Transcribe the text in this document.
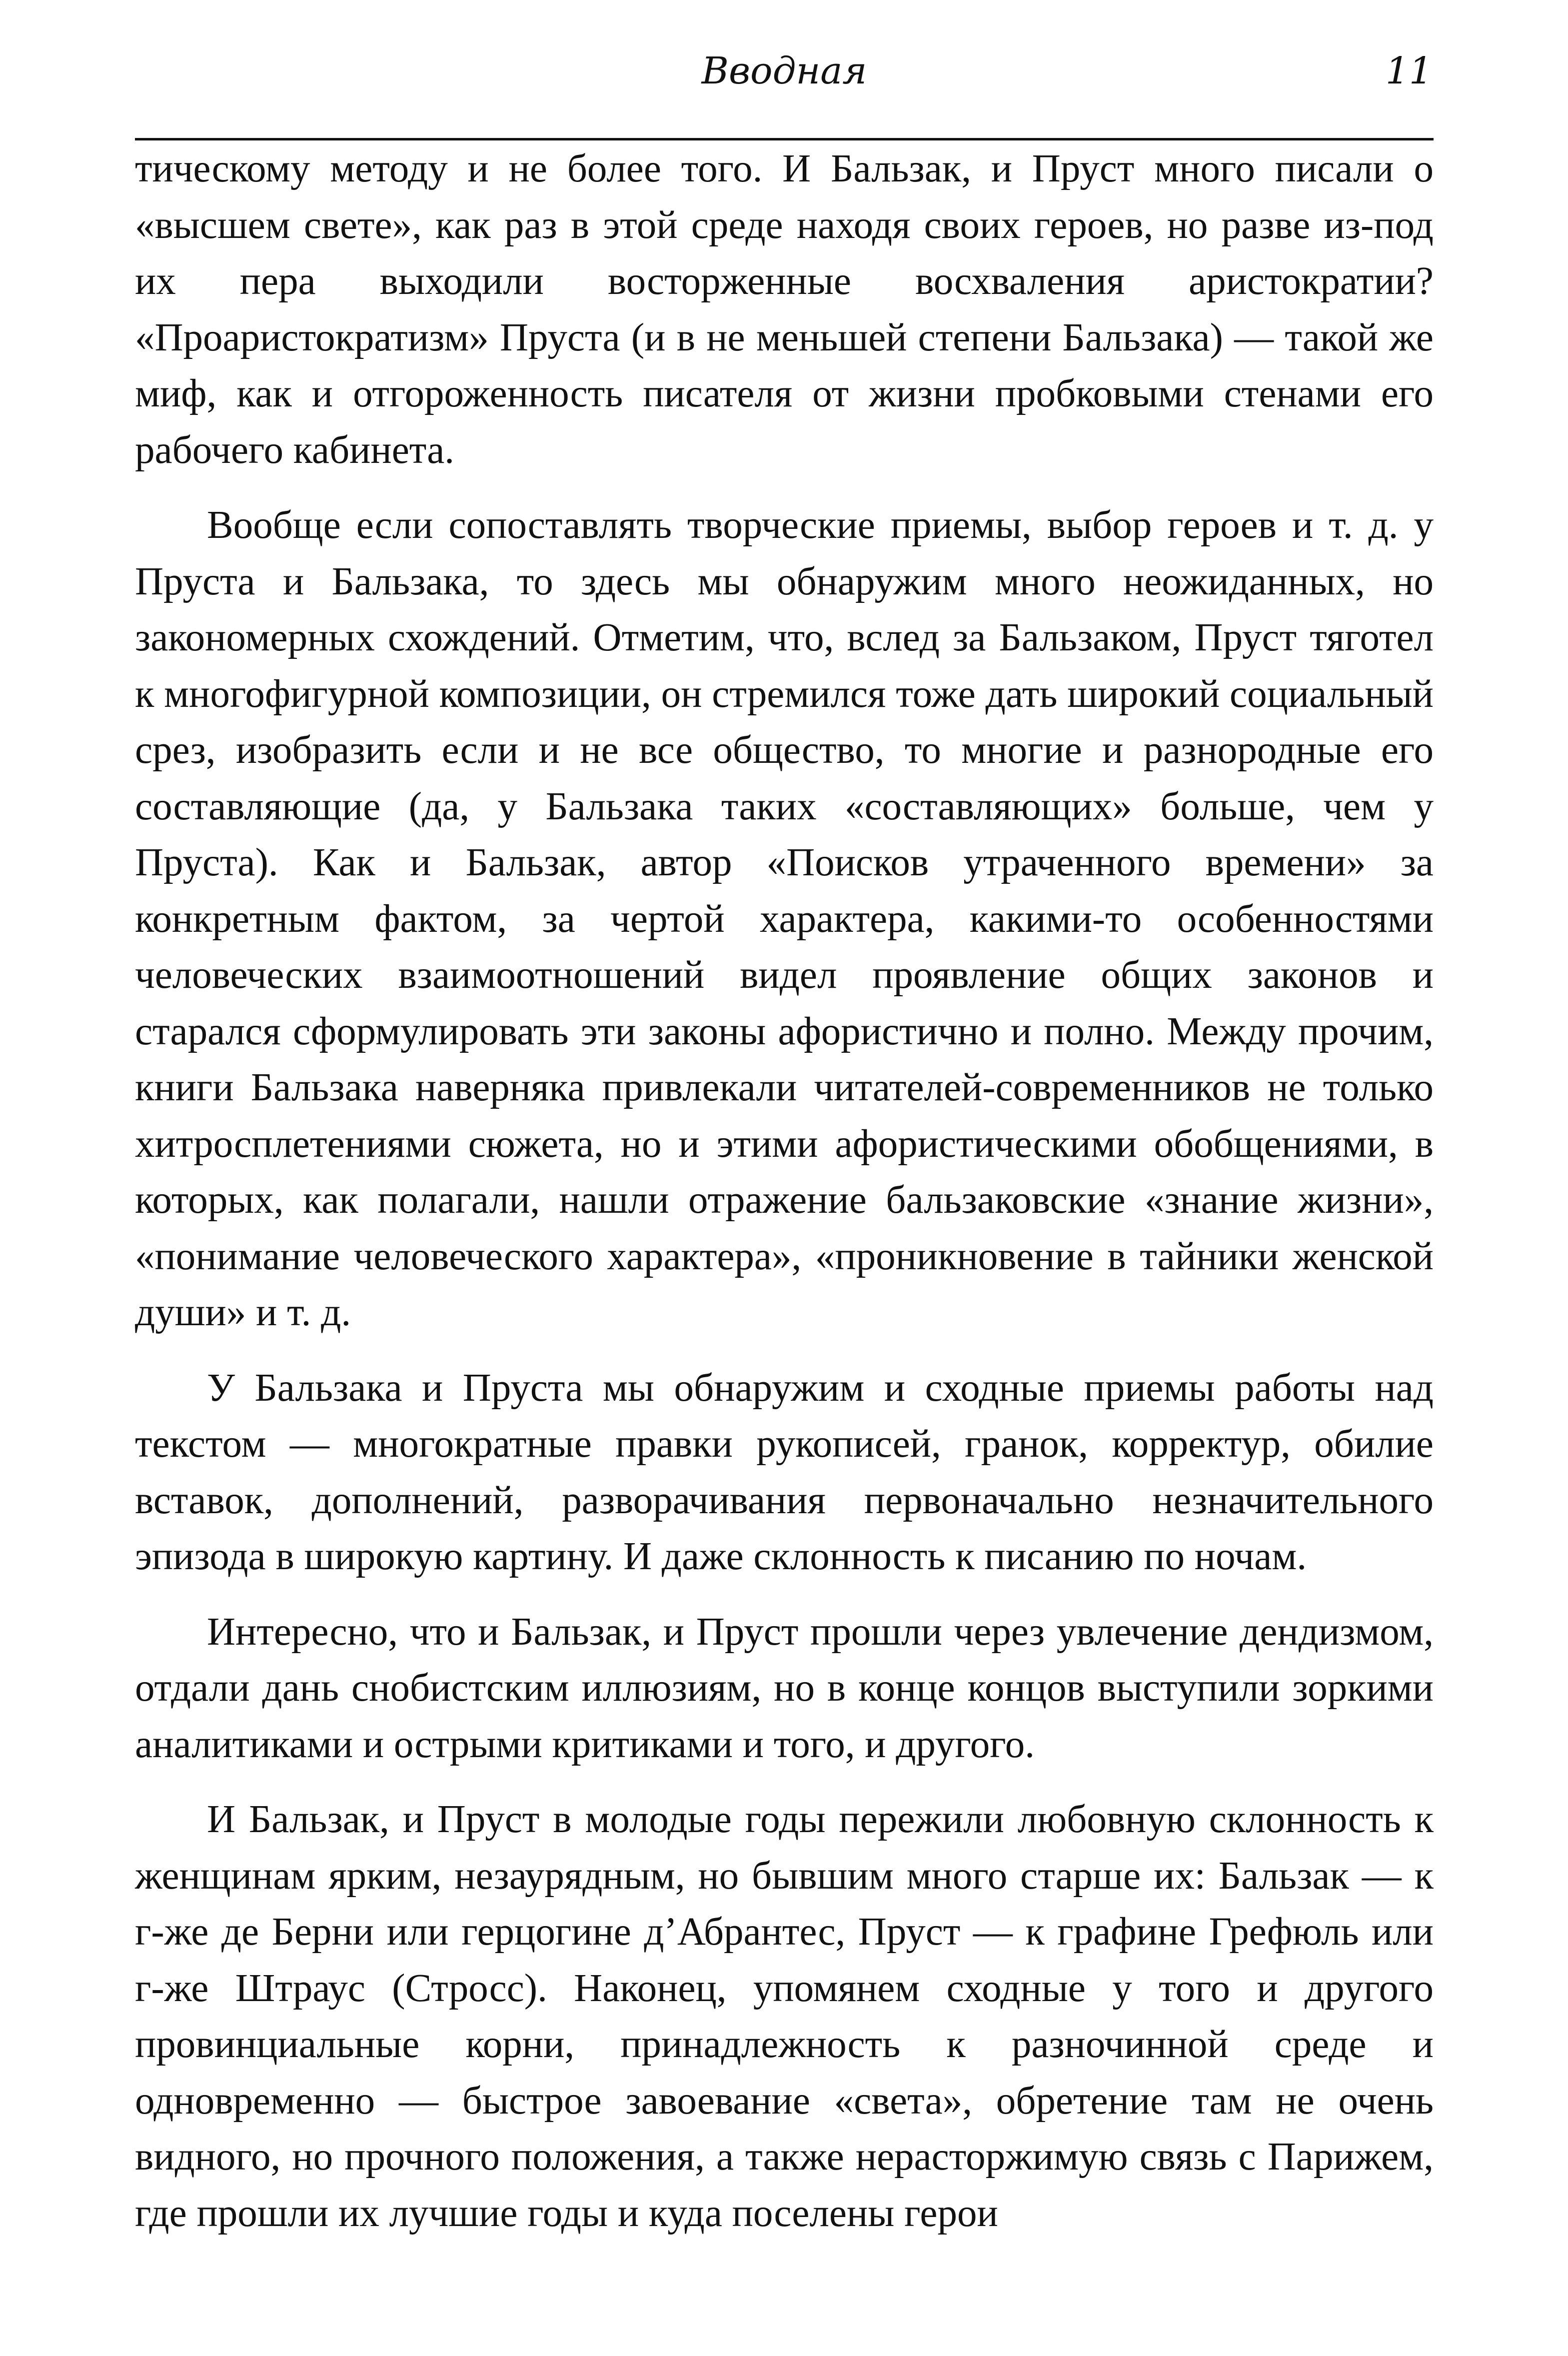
Вводная	11

тическому методу и не более того. И Бальзак, и Пруст много писали о «высшем свете», как раз в этой среде находя своих героев, но разве из-под их пера выходили восторженные восхваления аристократии? «Проаристократизм» Пруста (и в не меньшей степени Бальзака) — такой же миф, как и отгороженность писателя от жизни пробковыми стенами его рабочего кабинета.

Вообще если сопоставлять творческие приемы, выбор героев и т. д. у Пруста и Бальзака, то здесь мы обнаружим много неожиданных, но закономерных схождений. Отметим, что, вслед за Бальзаком, Пруст тяготел к многофигурной композиции, он стремился тоже дать широкий социальный срез, изобразить если и не все общество, то многие и разнородные его составляющие (да, у Бальзака таких «составляющих» больше, чем у Пруста). Как и Бальзак, автор «Поисков утраченного времени» за конкретным фактом, за чертой характера, какими-то особенностями человеческих взаимоотношений видел проявление общих законов и старался сформулировать эти законы афористично и полно. Между прочим, книги Бальзака наверняка привлекали читателей-современников не только хитросплетениями сюжета, но и этими афористическими обобщениями, в которых, как полагали, нашли отражение бальзаковские «знание жизни», «понимание человеческого характера», «проникновение в тайники женской души» и т. д.

У Бальзака и Пруста мы обнаружим и сходные приемы работы над текстом — многократные правки рукописей, гранок, корректур, обилие вставок, дополнений, разворачивания первоначально незначительного эпизода в широкую картину. И даже склонность к писанию по ночам.

Интересно, что и Бальзак, и Пруст прошли через увлечение дендизмом, отдали дань снобистским иллюзиям, но в конце концов выступили зоркими аналитиками и острыми критиками и того, и другого.

И Бальзак, и Пруст в молодые годы пережили любовную склонность к женщинам ярким, незаурядным, но бывшим много старше их: Бальзак — к г-же де Берни или герцогине д’Абрантес, Пруст — к графине Грефюль или г-же Штраус (Стросс). Наконец, упомянем сходные у того и другого провинциальные корни, принадлежность к разночинной среде и одновременно — быстрое завоевание «света», обретение там не очень видного, но прочного положения, а также нерасторжимую связь с Парижем, где прошли их лучшие годы и куда поселены герои
